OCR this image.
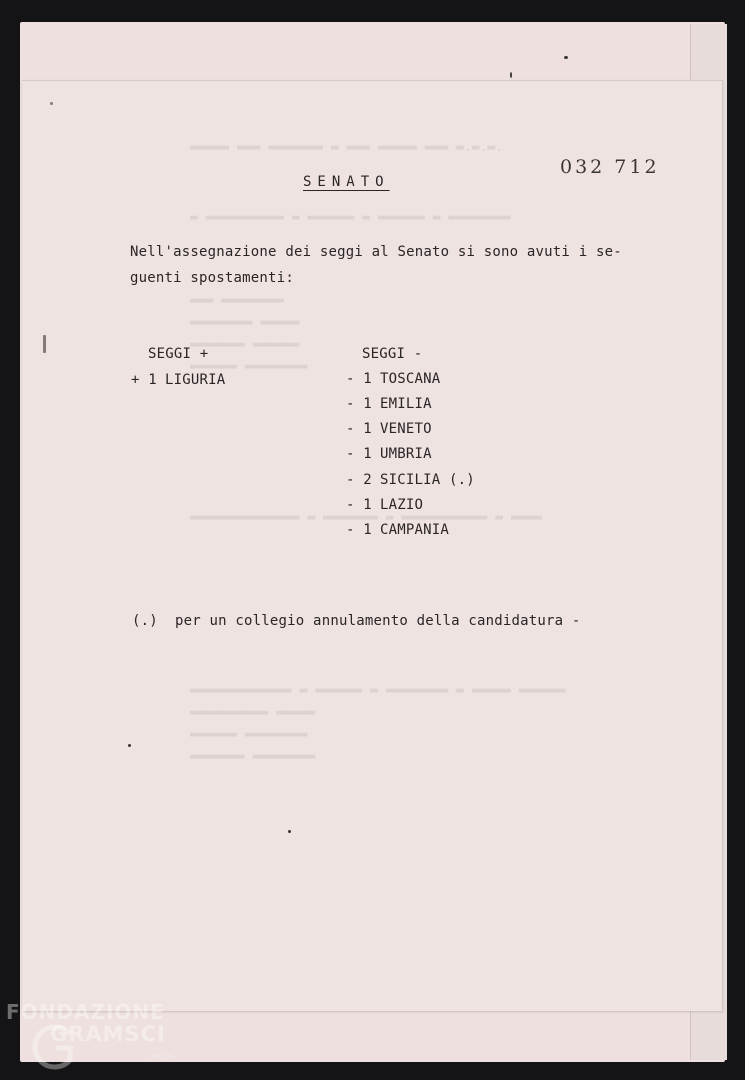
▬▬▬▬▬ ▬▬▬ ▬▬▬▬▬▬▬ ▬ ▬▬▬ ▬▬▬▬▬ ▬▬▬ ▬.▬.▬.
▬ ▬▬▬▬▬▬▬▬▬▬ ▬ ▬▬▬▬▬▬ ▬ ▬▬▬▬▬▬ ▬ ▬▬▬▬▬▬▬▬
▬▬▬ ▬▬▬▬▬▬▬▬
▬▬▬▬▬▬▬▬ ▬▬▬▬▬
▬▬▬▬▬▬▬ ▬▬▬▬▬▬
▬▬▬▬▬▬ ▬▬▬▬▬▬▬▬
▬▬▬▬▬▬▬▬▬▬▬▬▬▬ ▬ ▬▬▬▬▬▬▬ ▬ ▬▬▬▬▬▬▬▬▬▬▬ ▬ ▬▬▬▬
▬▬▬▬▬▬▬▬▬▬▬▬▬ ▬ ▬▬▬▬▬▬ ▬ ▬▬▬▬▬▬▬▬ ▬ ▬▬▬▬▬ ▬▬▬▬▬▬
▬▬▬▬▬▬▬▬▬▬ ▬▬▬▬▬
▬▬▬▬▬▬ ▬▬▬▬▬▬▬▬
▬▬▬▬▬▬▬ ▬▬▬▬▬▬▬▬
032 712
SENATO
Nell'assegnazione dei seggi al Senato si sono avuti i se-
guenti spostamenti:
SEGGI +	SEGGI -
+ 1 LIGURIA	- 1 TOSCANA
- 1 EMILIA
- 1 VENETO
- 1 UMBRIA
- 2 SICILIA (.)
- 1 LAZIO
- 1 CAMPANIA
(.) per un collegio annulamento della candidatura -
FONDAZIONE
GRAMSCI
onlus
